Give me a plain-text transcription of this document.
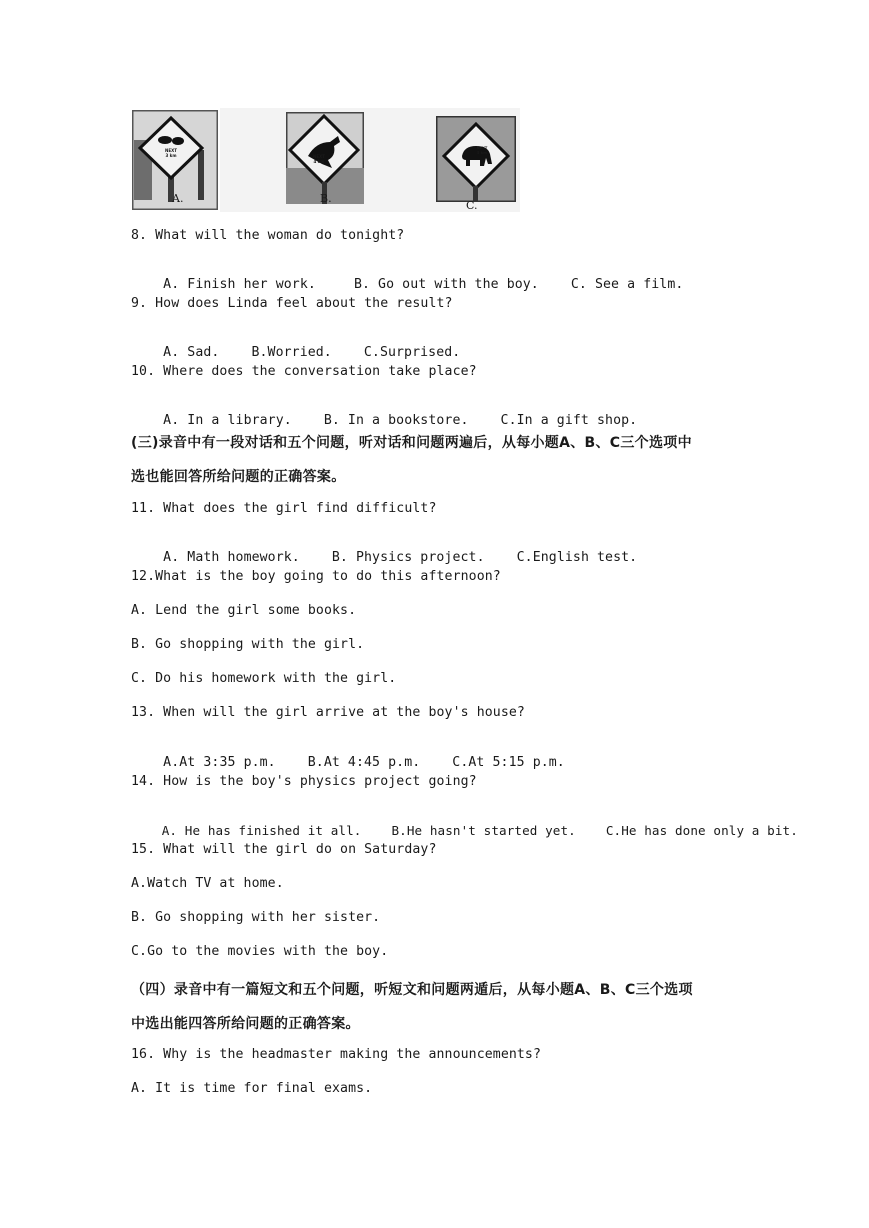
NEXT
3 km
A.
NEXT
4 km
B.
NEXT
5 km
C.
8. What will the woman do tonight?

A. Finish her work.	B. Go out with the boy. C. See a film.

9. How does Linda feel about the result?

A. Sad. B.Worried. C.Surprised.

10. Where does the conversation take place?

A. In a library. B. In a bookstore. C.In a gift shop.

(三)录音中有一段对话和五个问题，听对话和问题两遍后，从每小题A、B、C三个选项中
选也能回答所给问题的正确答案。
11. What does the girl find difficult?

A. Math homework. B. Physics project. C.English test.

12.What is the boy going to do this afternoon?
A. Lend the girl some books.
B. Go shopping with the girl.
C. Do his homework with the girl.
13. When will the girl arrive at the boy's house?

A.At 3:35 p.m. B.At 4:45 p.m. C.At 5:15 p.m.

14. How is the boy's physics project going?

A. He has finished it all. B.He hasn't started yet. C.He has done only a bit.

15. What will the girl do on Saturday?
A.Watch TV at home.
B. Go shopping with her sister.
C.Go to the movies with the boy.
（四）录音中有一篇短文和五个问题，听短文和问题两遁后，从每小题A、B、C三个选项
中选出能四答所给问题的正确答案。
16. Why is the headmaster making the announcements?
A. It is time for final exams.
